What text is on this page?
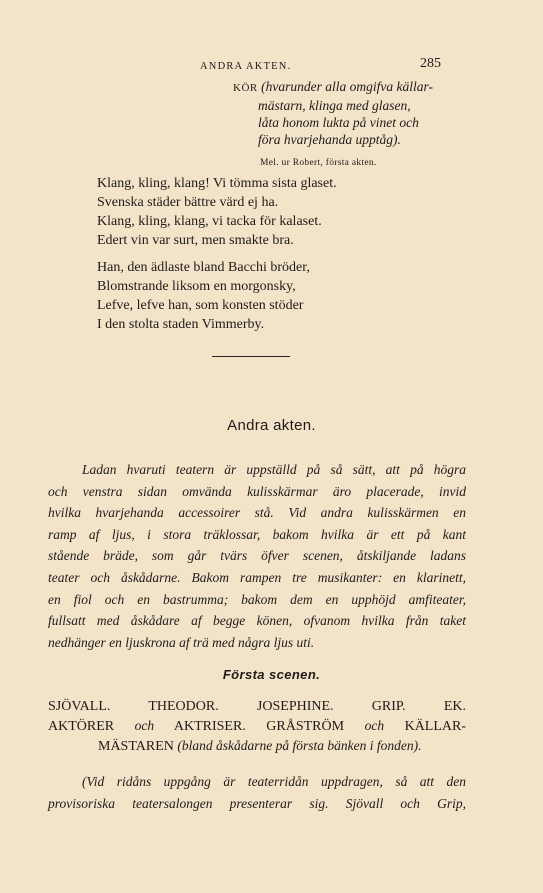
ANDRA AKTEN.	285
KÖR (hvarunder alla omgifva källar-
mästarn, klinga med glasen,
låta honom lukta på vinet och
föra hvarjehanda upptåg).
Mel. ur Robert, första akten.
Klang, kling, klang! Vi tömma sista glaset.
Svenska städer bättre värd ej ha.
Klang, kling, klang, vi tacka för kalaset.
Edert vin var surt, men smakte bra.
Han, den ädlaste bland Bacchi bröder,
Blomstrande liksom en morgonsky,
Lefve, lefve han, som konsten stöder
I den stolta staden Vimmerby.
Andra akten.
Ladan hvaruti teatern är uppställd på så sätt, att på högra
och venstra sidan omvända kulisskärmar äro placerade, invid
hvilka hvarjehanda accessoirer stå. Vid andra kulisskärmen en
ramp af ljus, i stora träklossar, bakom hvilka är ett på kant
stående bräde, som går tvärs öfver scenen, åtskiljande ladans
teater och åskådarne. Bakom rampen tre musikanter: en klarinett,
en fiol och en bastrumma; bakom dem en upphöjd amfiteater,
fullsatt med åskådare af begge könen, ofvanom hvilka från taket
nedhänger en ljuskrona af trä med några ljus uti.
Första scenen.
SJÖVALL. THEODOR. JOSEPHINE. GRIP. EK.
AKTÖRER och AKTRISER. GRÅSTRÖM och KÄLLAR-
MÄSTAREN (bland åskådarne på första bänken i fonden).
(Vid ridåns uppgång är teaterridån uppdragen, så att den
provisoriska teatersalongen presenterar sig. Sjövall och Grip,
